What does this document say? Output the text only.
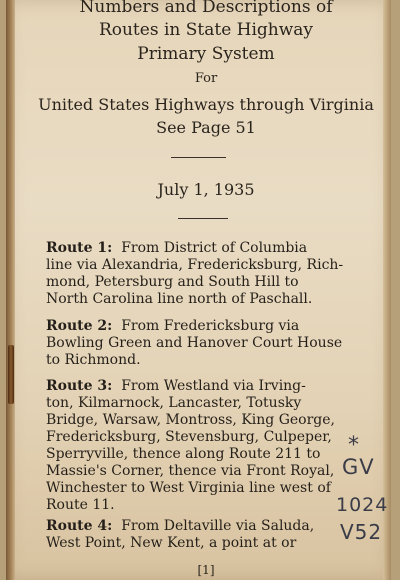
Numbers and Descriptions of
Routes in State Highway
Primary System
For
United States Highways through Virginia
See Page 51
July 1, 1935
Route 1: From District of Columbia
line via Alexandria, Fredericksburg, Rich-
mond, Petersburg and South Hill to
North Carolina line north of Paschall.
Route 2: From Fredericksburg via
Bowling Green and Hanover Court House
to Richmond.
Route 3: From Westland via Irving-
ton, Kilmarnock, Lancaster, Totusky
Bridge, Warsaw, Montross, King George,
Fredericksburg, Stevensburg, Culpeper,
Sperryville, thence along Route 211 to
Massie's Corner, thence via Front Royal,
Winchester to West Virginia line west of
Route 11.
Route 4: From Deltaville via Saluda,
West Point, New Kent, a point at or
*
GV
1024
V52
[1]
